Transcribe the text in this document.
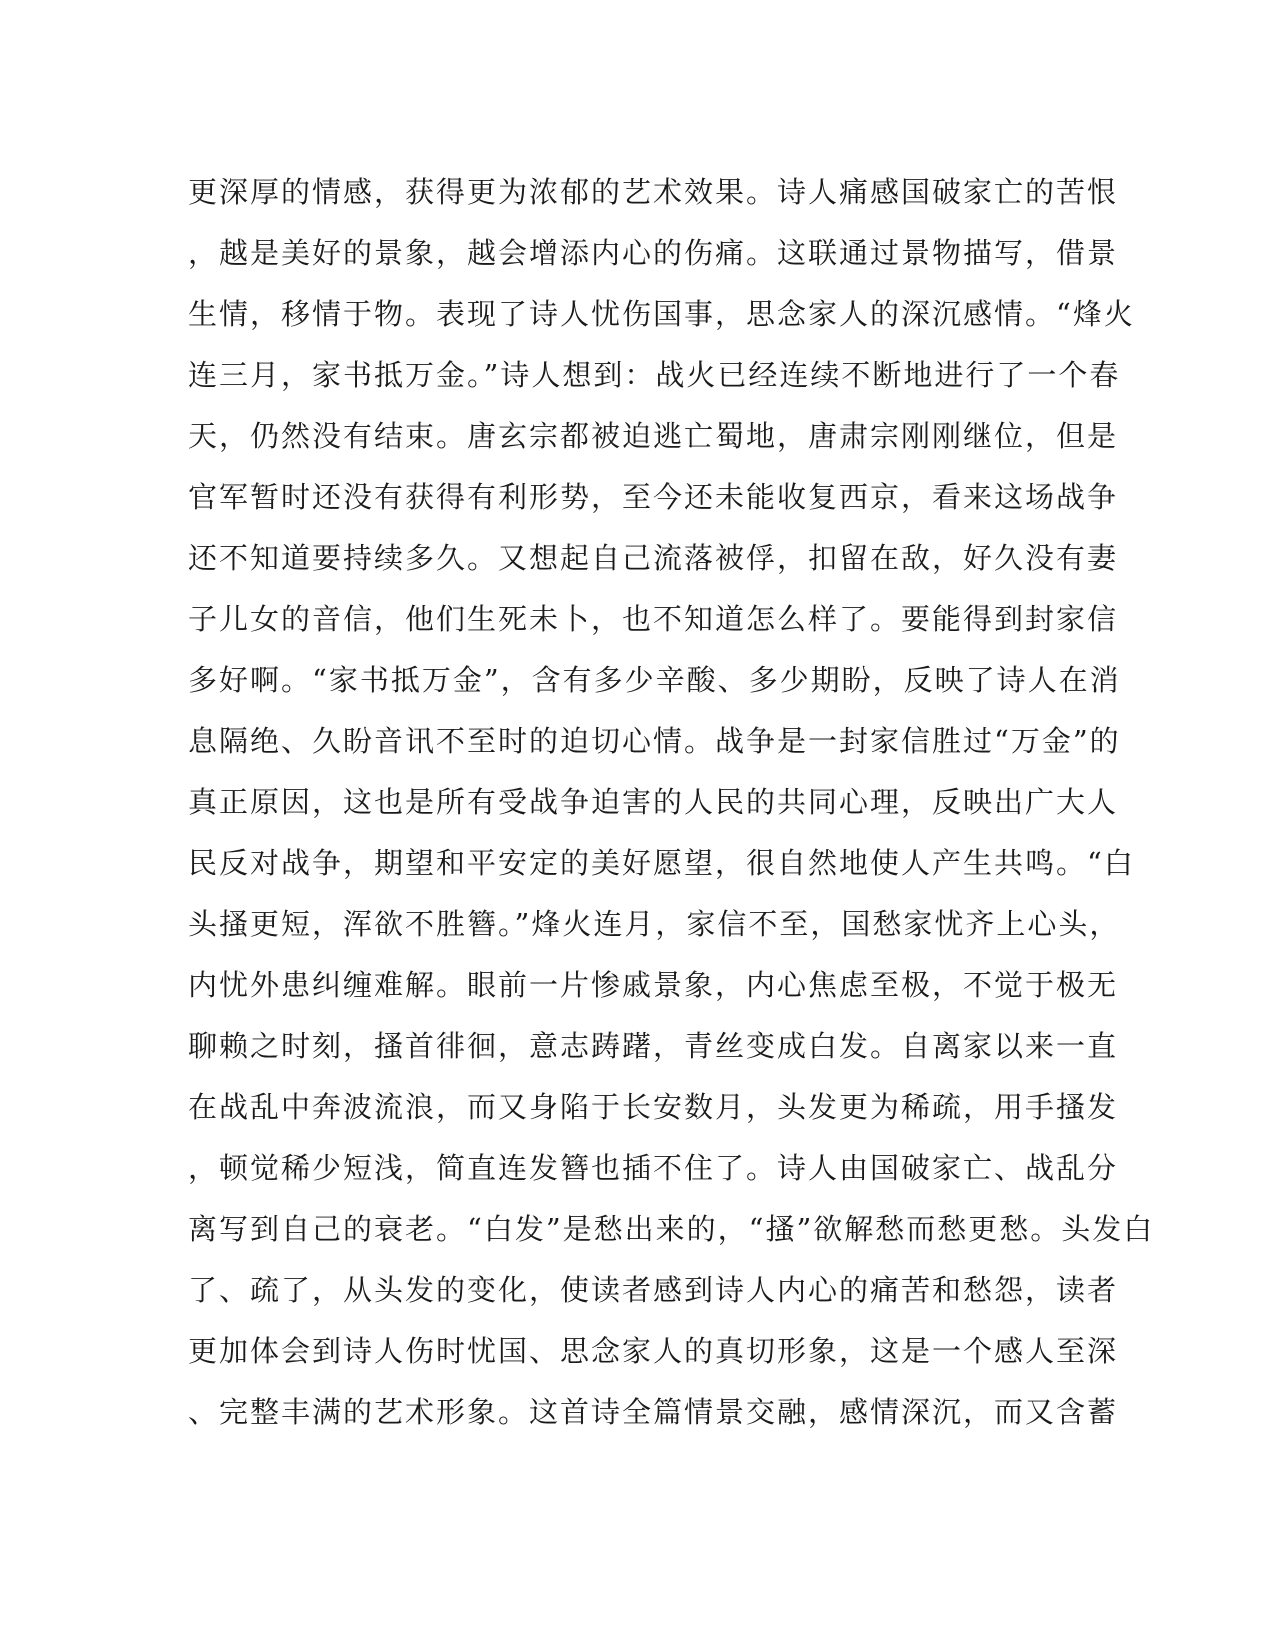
更深厚的情感，获得更为浓郁的艺术效果。诗人痛感国破家亡的苦恨
，越是美好的景象，越会增添内心的伤痛。这联通过景物描写，借景
生情，移情于物。表现了诗人忧伤国事，思念家人的深沉感情。“烽火
连三月，家书抵万金。”诗人想到：战火已经连续不断地进行了一个春
天，仍然没有结束。唐玄宗都被迫逃亡蜀地，唐肃宗刚刚继位，但是
官军暂时还没有获得有利形势，至今还未能收复西京，看来这场战争
还不知道要持续多久。又想起自己流落被俘，扣留在敌，好久没有妻
子儿女的音信，他们生死未卜，也不知道怎么样了。要能得到封家信
多好啊。“家书抵万金”，含有多少辛酸、多少期盼，反映了诗人在消
息隔绝、久盼音讯不至时的迫切心情。战争是一封家信胜过“万金”的
真正原因，这也是所有受战争迫害的人民的共同心理，反映出广大人
民反对战争，期望和平安定的美好愿望，很自然地使人产生共鸣。“白
头搔更短，浑欲不胜簪。”烽火连月，家信不至，国愁家忧齐上心头，
内忧外患纠缠难解。眼前一片惨戚景象，内心焦虑至极，不觉于极无
聊赖之时刻，搔首徘徊，意志踌躇，青丝变成白发。自离家以来一直
在战乱中奔波流浪，而又身陷于长安数月，头发更为稀疏，用手搔发
，顿觉稀少短浅，简直连发簪也插不住了。诗人由国破家亡、战乱分
离写到自己的衰老。“白发”是愁出来的，“搔”欲解愁而愁更愁。头发白
了、疏了，从头发的变化，使读者感到诗人内心的痛苦和愁怨，读者
更加体会到诗人伤时忧国、思念家人的真切形象，这是一个感人至深
、完整丰满的艺术形象。这首诗全篇情景交融，感情深沉，而又含蓄
